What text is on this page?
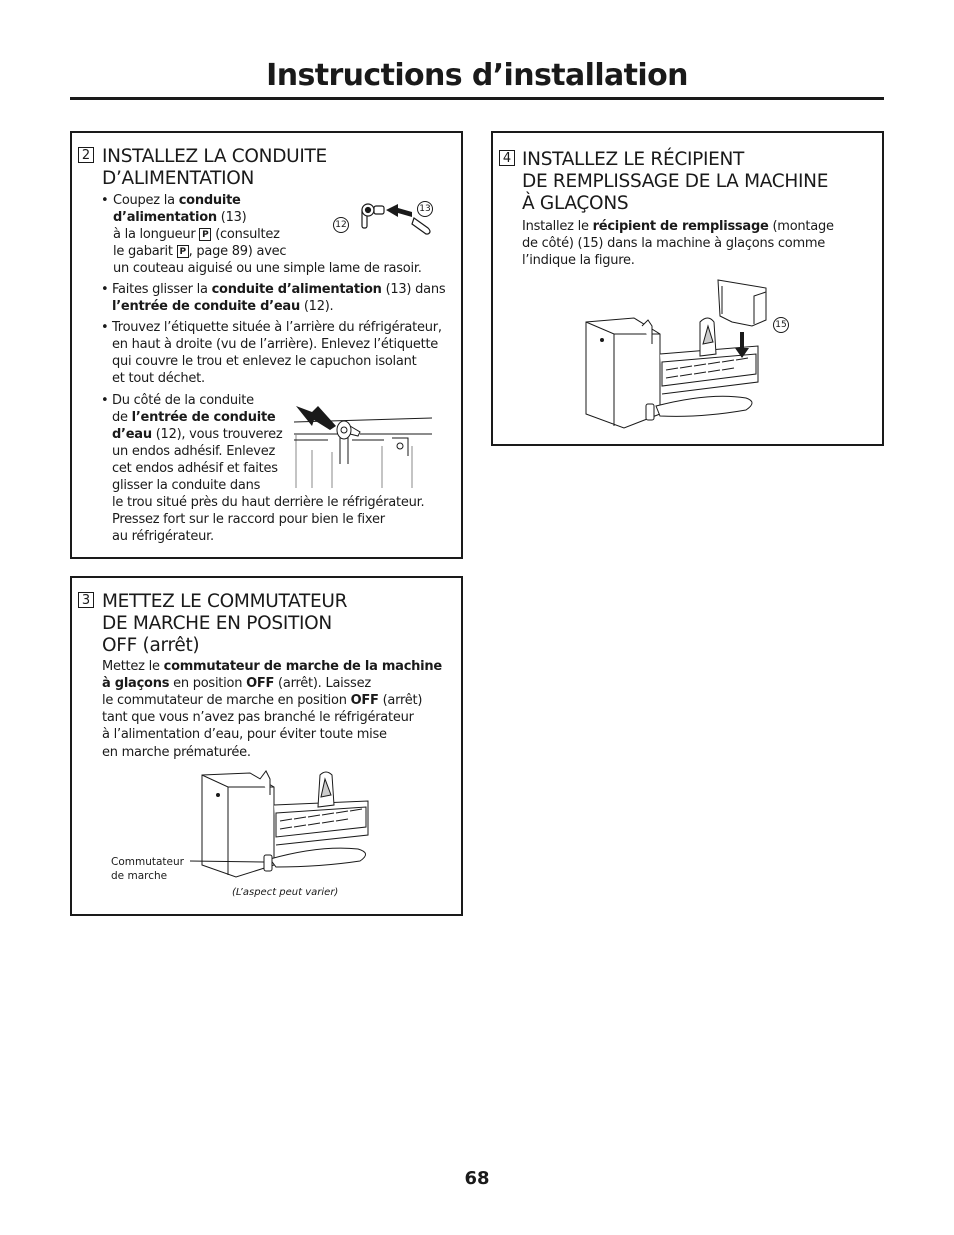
Instructions d’installation
2 INSTALLEZ LA CONDUITE
D’ALIMENTATION
• Coupez la conduite
d’alimentation (13)
à la longueur P (consultez
le gabarit P , page 89) avec
un couteau aiguisé ou une simple lame de rasoir.
13
12
• Faites glisser la conduite d’alimentation (13) dans
l’entrée de conduite d’eau (12).
• Trouvez l’étiquette située à l’arrière du réfrigérateur,
en haut à droite (vu de l’arrière). Enlevez l’étiquette
qui couvre le trou et enlevez le capuchon isolant
et tout déchet.
• Du côté de la conduite
de l’entrée de conduite
d’eau (12), vous trouverez
un endos adhésif. Enlevez
cet endos adhésif et faites
glisser la conduite dans
le trou situé près du haut derrière le réfrigérateur.
Pressez fort sur le raccord pour bien le fixer
au réfrigérateur.
3 METTEZ LE COMMUTATEUR
DE MARCHE EN POSITION
OFF (arrêt)
Mettez le commutateur de marche de la machine
à glaçons en position OFF (arrêt). Laissez
le commutateur de marche en position OFF (arrêt)
tant que vous n’avez pas branché le réfrigérateur
à l’alimentation d’eau, pour éviter toute mise
en marche prématurée.
Commutateur
de marche
(L’aspect peut varier)
4 INSTALLEZ LE RÉCIPIENT
DE REMPLISSAGE DE LA MACHINE
À GLAÇONS
Installez le récipient de remplissage (montage
de côté) (15) dans la machine à glaçons comme
l’indique la figure.
15
68
